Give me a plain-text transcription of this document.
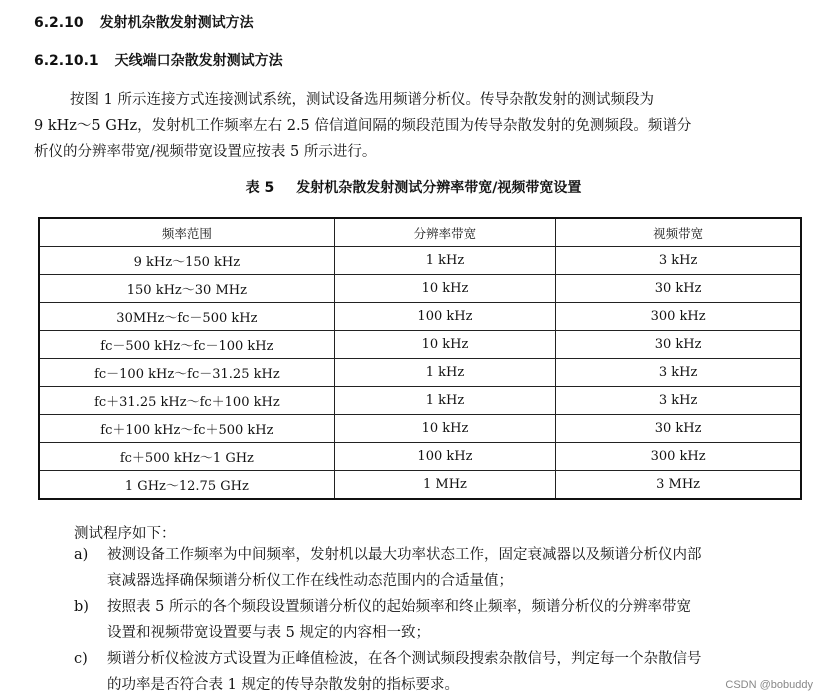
6.2.10 发射机杂散发射测试方法
6.2.10.1 天线端口杂散发射测试方法
按图 1 所示连接方式连接测试系统，测试设备选用频谱分析仪。传导杂散发射的测试频段为
9 kHz～5 GHz，发射机工作频率左右 2.5 倍信道间隔的频段范围为传导杂散发射的免测频段。频谱分
析仪的分辨率带宽/视频带宽设置应按表 5 所示进行。
表 5 发射机杂散发射测试分辨率带宽/视频带宽设置
频率范围	分辨率带宽	视频带宽
9 kHz～150 kHz	1 kHz	3 kHz
150 kHz～30 MHz	10 kHz	30 kHz
30MHz～fc－500 kHz	100 kHz	300 kHz
fc－500 kHz～fc－100 kHz	10 kHz	30 kHz
fc－100 kHz～fc－31.25 kHz	1 kHz	3 kHz
fc＋31.25 kHz～fc＋100 kHz	1 kHz	3 kHz
fc＋100 kHz～fc＋500 kHz	10 kHz	30 kHz
fc＋500 kHz～1 GHz	100 kHz	300 kHz
1 GHz～12.75 GHz	1 MHz	3 MHz
测试程序如下：
a) 被测设备工作频率为中间频率，发射机以最大功率状态工作，固定衰减器以及频谱分析仪内部
衰减器选择确保频谱分析仪工作在线性动态范围内的合适量值；
b) 按照表 5 所示的各个频段设置频谱分析仪的起始频率和终止频率，频谱分析仪的分辨率带宽
设置和视频带宽设置要与表 5 规定的内容相一致；
c) 频谱分析仪检波方式设置为正峰值检波，在各个测试频段搜索杂散信号，判定每一个杂散信号
的功率是否符合表 1 规定的传导杂散发射的指标要求。	CSDN @bobuddy
